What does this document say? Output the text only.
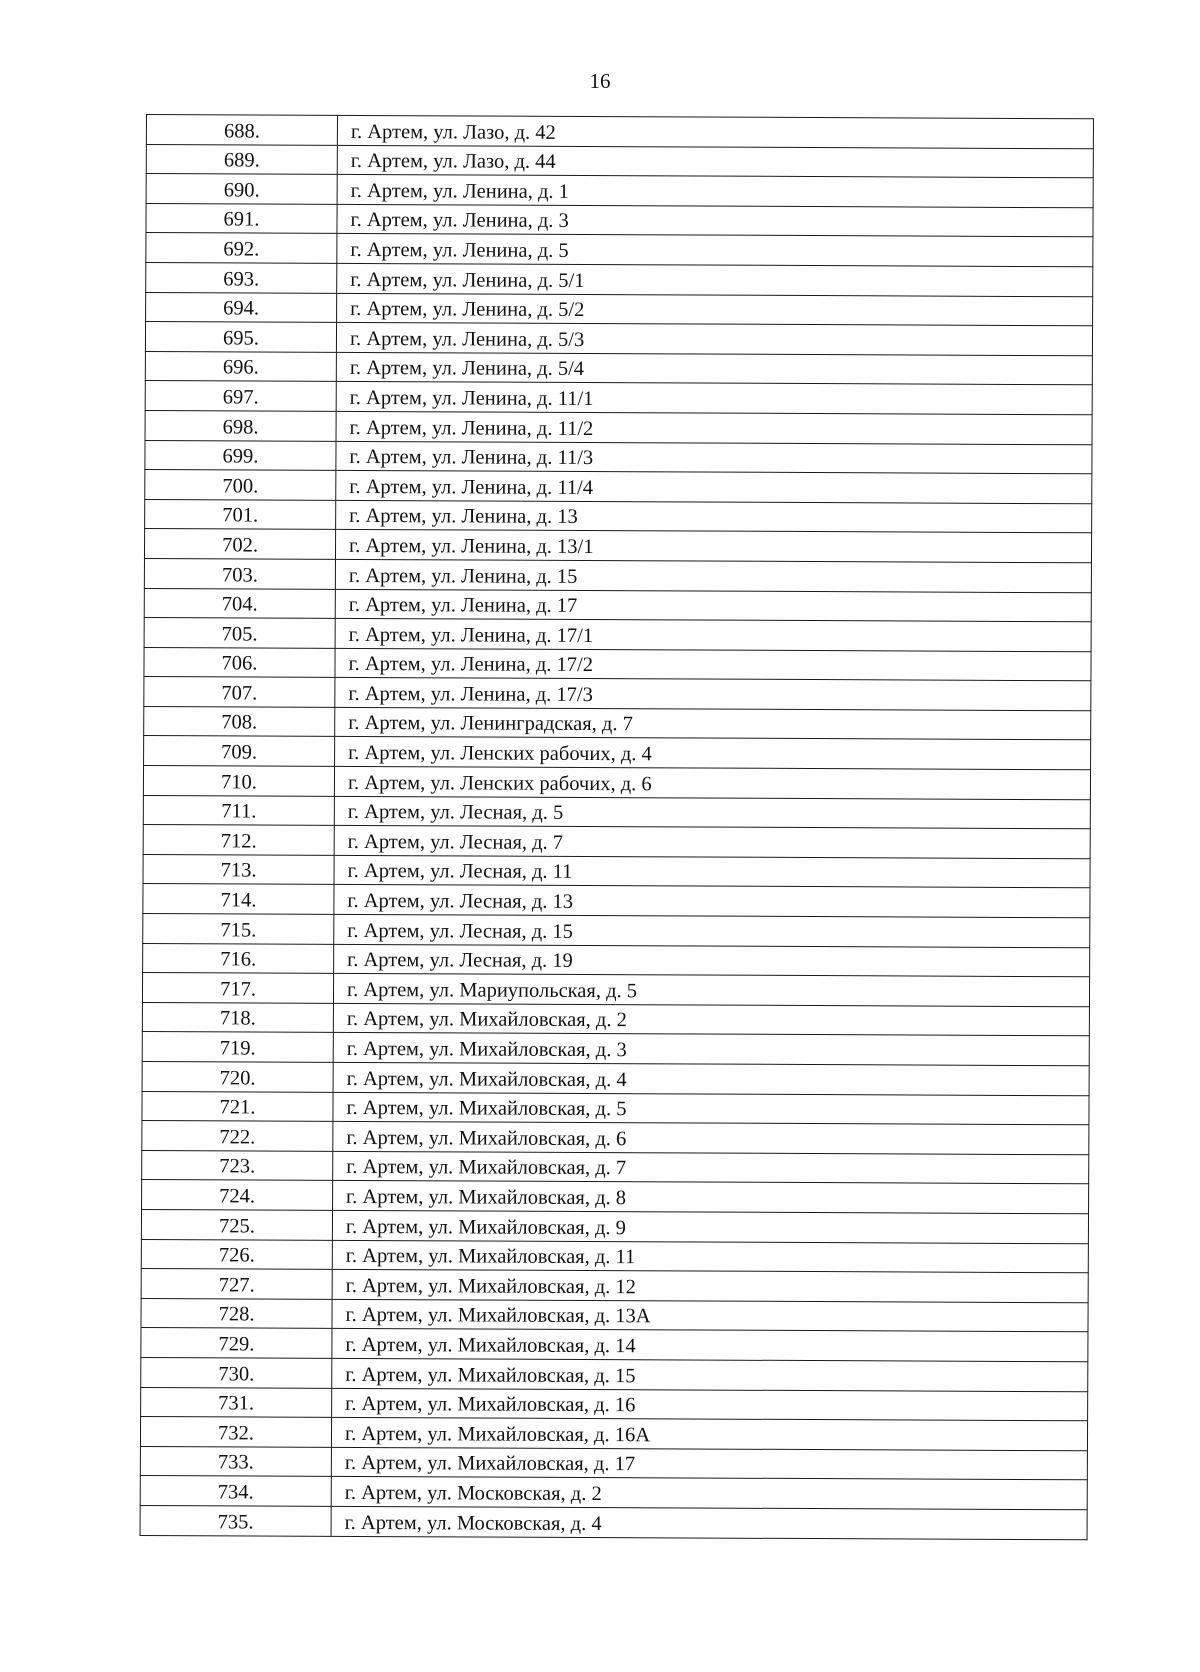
16
688.	г. Артем, ул. Лазо, д. 42
689.	г. Артем, ул. Лазо, д. 44
690.	г. Артем, ул. Ленина, д. 1
691.	г. Артем, ул. Ленина, д. 3
692.	г. Артем, ул. Ленина, д. 5
693.	г. Артем, ул. Ленина, д. 5/1
694.	г. Артем, ул. Ленина, д. 5/2
695.	г. Артем, ул. Ленина, д. 5/3
696.	г. Артем, ул. Ленина, д. 5/4
697.	г. Артем, ул. Ленина, д. 11/1
698.	г. Артем, ул. Ленина, д. 11/2
699.	г. Артем, ул. Ленина, д. 11/3
700.	г. Артем, ул. Ленина, д. 11/4
701.	г. Артем, ул. Ленина, д. 13
702.	г. Артем, ул. Ленина, д. 13/1
703.	г. Артем, ул. Ленина, д. 15
704.	г. Артем, ул. Ленина, д. 17
705.	г. Артем, ул. Ленина, д. 17/1
706.	г. Артем, ул. Ленина, д. 17/2
707.	г. Артем, ул. Ленина, д. 17/3
708.	г. Артем, ул. Ленинградская, д. 7
709.	г. Артем, ул. Ленских рабочих, д. 4
710.	г. Артем, ул. Ленских рабочих, д. 6
711.	г. Артем, ул. Лесная, д. 5
712.	г. Артем, ул. Лесная, д. 7
713.	г. Артем, ул. Лесная, д. 11
714.	г. Артем, ул. Лесная, д. 13
715.	г. Артем, ул. Лесная, д. 15
716.	г. Артем, ул. Лесная, д. 19
717.	г. Артем, ул. Мариупольская, д. 5
718.	г. Артем, ул. Михайловская, д. 2
719.	г. Артем, ул. Михайловская, д. 3
720.	г. Артем, ул. Михайловская, д. 4
721.	г. Артем, ул. Михайловская, д. 5
722.	г. Артем, ул. Михайловская, д. 6
723.	г. Артем, ул. Михайловская, д. 7
724.	г. Артем, ул. Михайловская, д. 8
725.	г. Артем, ул. Михайловская, д. 9
726.	г. Артем, ул. Михайловская, д. 11
727.	г. Артем, ул. Михайловская, д. 12
728.	г. Артем, ул. Михайловская, д. 13А
729.	г. Артем, ул. Михайловская, д. 14
730.	г. Артем, ул. Михайловская, д. 15
731.	г. Артем, ул. Михайловская, д. 16
732.	г. Артем, ул. Михайловская, д. 16А
733.	г. Артем, ул. Михайловская, д. 17
734.	г. Артем, ул. Московская, д. 2
735.	г. Артем, ул. Московская, д. 4
